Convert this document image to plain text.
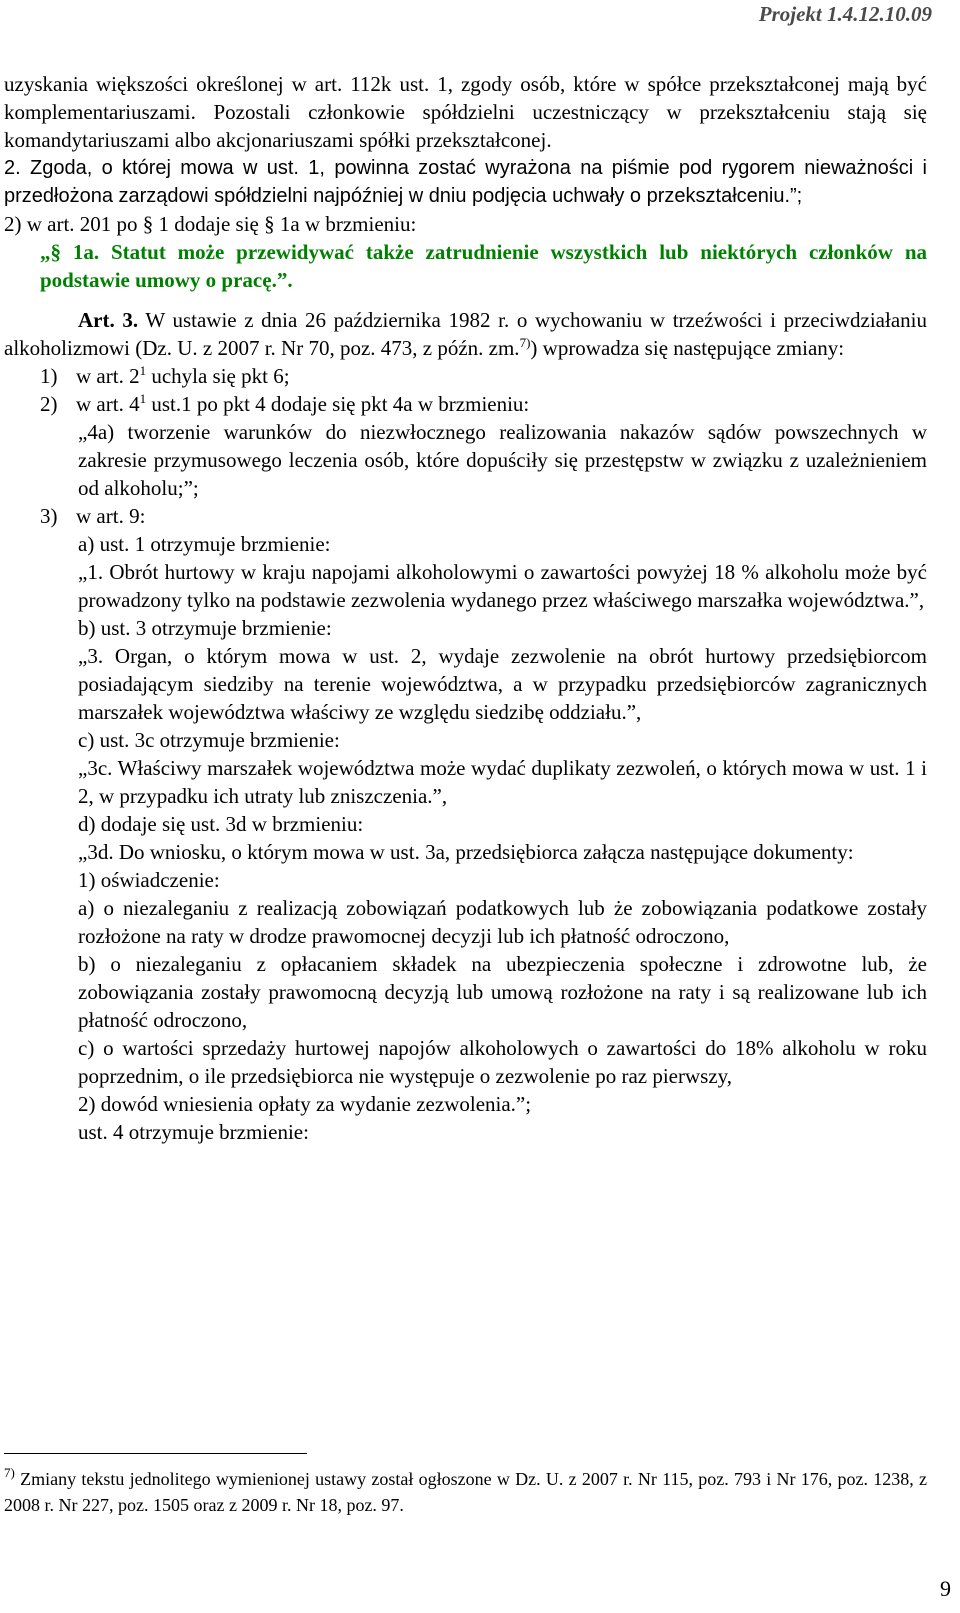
Projekt 1.4.12.10.09

uzyskania większości określonej w art. 112k ust. 1, zgody osób, które w spółce przekształconej mają być komplementariuszami. Pozostali członkowie spółdzielni uczestniczący w przekształceniu stają się komandytariuszami albo akcjonariuszami spółki przekształconej.

2. Zgoda, o której mowa w ust. 1, powinna zostać wyrażona na piśmie pod rygorem nieważności i przedłożona zarządowi spółdzielni najpóźniej w dniu podjęcia uchwały o przekształceniu.”;

2) w art. 201 po § 1 dodaje się § 1a w brzmieniu:

„§ 1a. Statut może przewidywać także zatrudnienie wszystkich lub niektórych członków na podstawie umowy o pracę.”.

Art. 3. W ustawie z dnia 26 października 1982 r. o wychowaniu w trzeźwości i przeciwdziałaniu alkoholizmowi (Dz. U. z 2007 r. Nr 70, poz. 473, z późn. zm.$^{7)}$) wprowadza się następujące zmiany:

1) w art. $2^1$ uchyla się pkt 6;
2) w art. $4^1$ ust.1 po pkt 4 dodaje się pkt 4a w brzmieniu:

„4a) tworzenie warunków do niezwłocznego realizowania nakazów sądów powszechnych w zakresie przymusowego leczenia osób, które dopuściły się przestępstw w związku z uzależnieniem od alkoholu;”;

3) w art. 9:

a) ust. 1 otrzymuje brzmienie:

„1. Obrót hurtowy w kraju napojami alkoholowymi o zawartości powyżej 18 % alkoholu może być prowadzony tylko na podstawie zezwolenia wydanego przez właściwego marszałka województwa.”,

b) ust. 3 otrzymuje brzmienie:

„3. Organ, o którym mowa w ust. 2, wydaje zezwolenie na obrót hurtowy przedsiębiorcom posiadającym siedziby na terenie województwa, a w przypadku przedsiębiorców zagranicznych marszałek województwa właściwy ze względu siedzibę oddziału.”,

c) ust. 3c otrzymuje brzmienie:

„3c. Właściwy marszałek województwa może wydać duplikaty zezwoleń, o których mowa w ust. 1 i 2, w przypadku ich utraty lub zniszczenia.”,

d) dodaje się ust. 3d w brzmieniu:

„3d. Do wniosku, o którym mowa w ust. 3a, przedsiębiorca załącza następujące dokumenty:

1) oświadczenie:

a) o niezaleganiu z realizacją zobowiązań podatkowych lub że zobowiązania podatkowe zostały rozłożone na raty w drodze prawomocnej decyzji lub ich płatność odroczono,

b) o niezaleganiu z opłacaniem składek na ubezpieczenia społeczne i zdrowotne lub, że zobowiązania zostały prawomocną decyzją lub umową rozłożone na raty i są realizowane lub ich płatność odroczono,

c) o wartości sprzedaży hurtowej napojów alkoholowych o zawartości do 18% alkoholu w roku poprzednim, o ile przedsiębiorca nie występuje o zezwolenie po raz pierwszy,

2) dowód wniesienia opłaty za wydanie zezwolenia.”;

ust. 4 otrzymuje brzmienie:

$^{7)}$ Zmiany tekstu jednolitego wymienionej ustawy został ogłoszone w Dz. U. z 2007 r. Nr 115, poz. 793 i Nr 176, poz. 1238, z 2008 r. Nr 227, poz. 1505 oraz z 2009 r. Nr 18, poz. 97.
9
